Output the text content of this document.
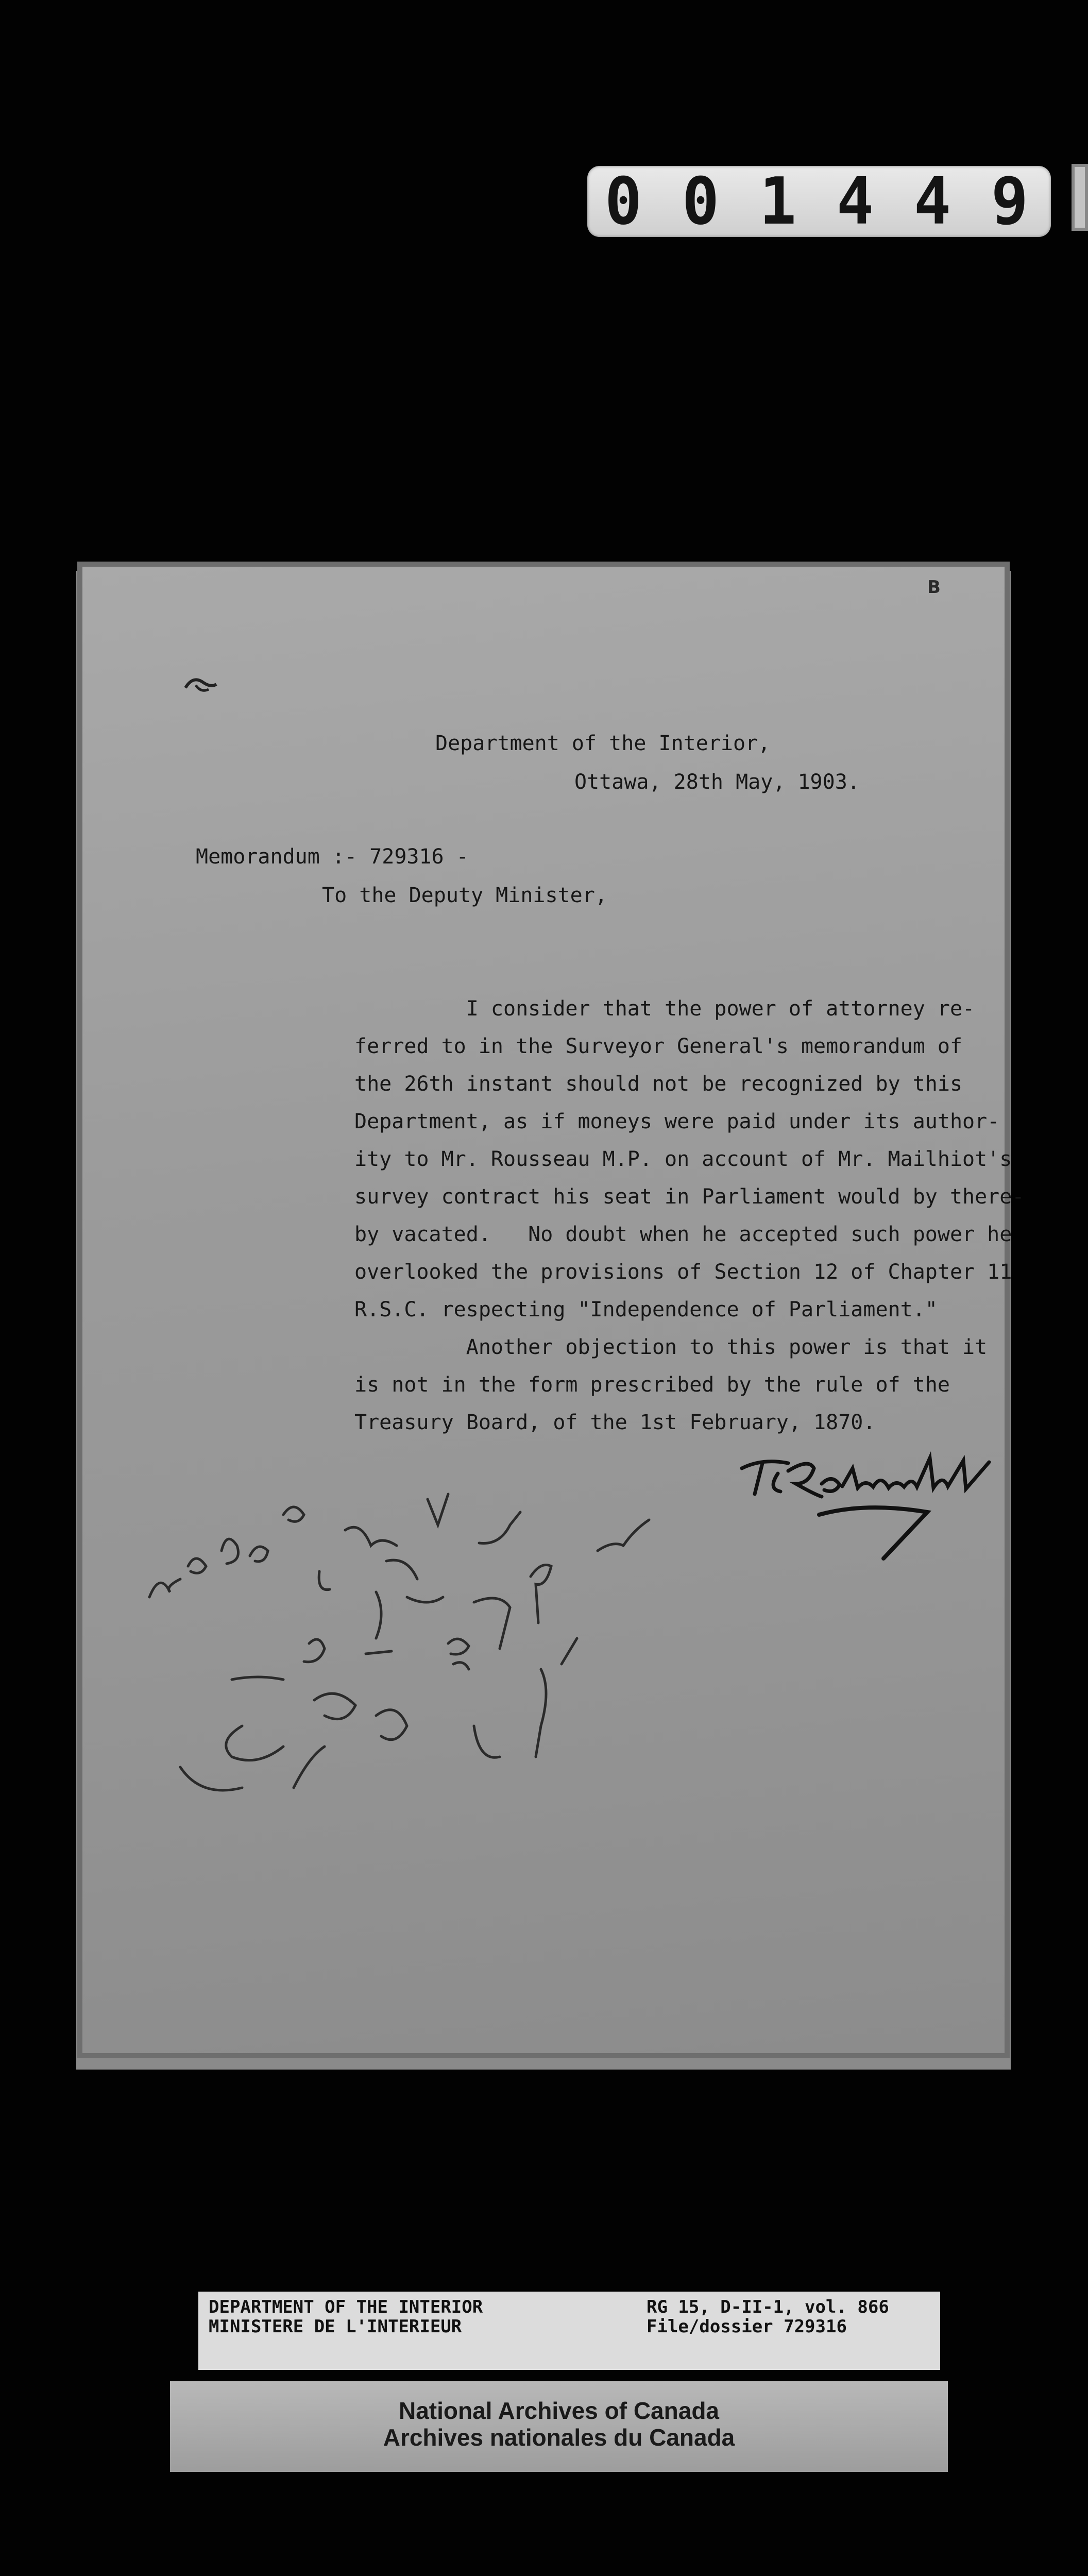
0 0 1 4 4 9
B
Department of the Interior,
Ottawa, 28th May, 1903.
Memorandum :- 729316 -
To the Deputy Minister,
I consider that the power of attorney re-
ferred to in the Surveyor General's memorandum of
the 26th instant should not be recognized by this
Department, as if moneys were paid under its author-
ity to Mr. Rousseau M.P. on account of Mr. Mailhiot's
survey contract his seat in Parliament would by there-
by vacated.   No doubt when he accepted such power he
overlooked the provisions of Section 12 of Chapter 11
R.S.C. respecting "Independence of Parliament."
Another objection to this power is that it
is not in the form prescribed by the rule of the
Treasury Board, of the 1st February, 1870.
DEPARTMENT OF THE INTERIOR
MINISTERE DE L'INTERIEUR
RG 15, D-II-1, vol. 866
File/dossier 729316
National Archives of Canada
Archives nationales du Canada
